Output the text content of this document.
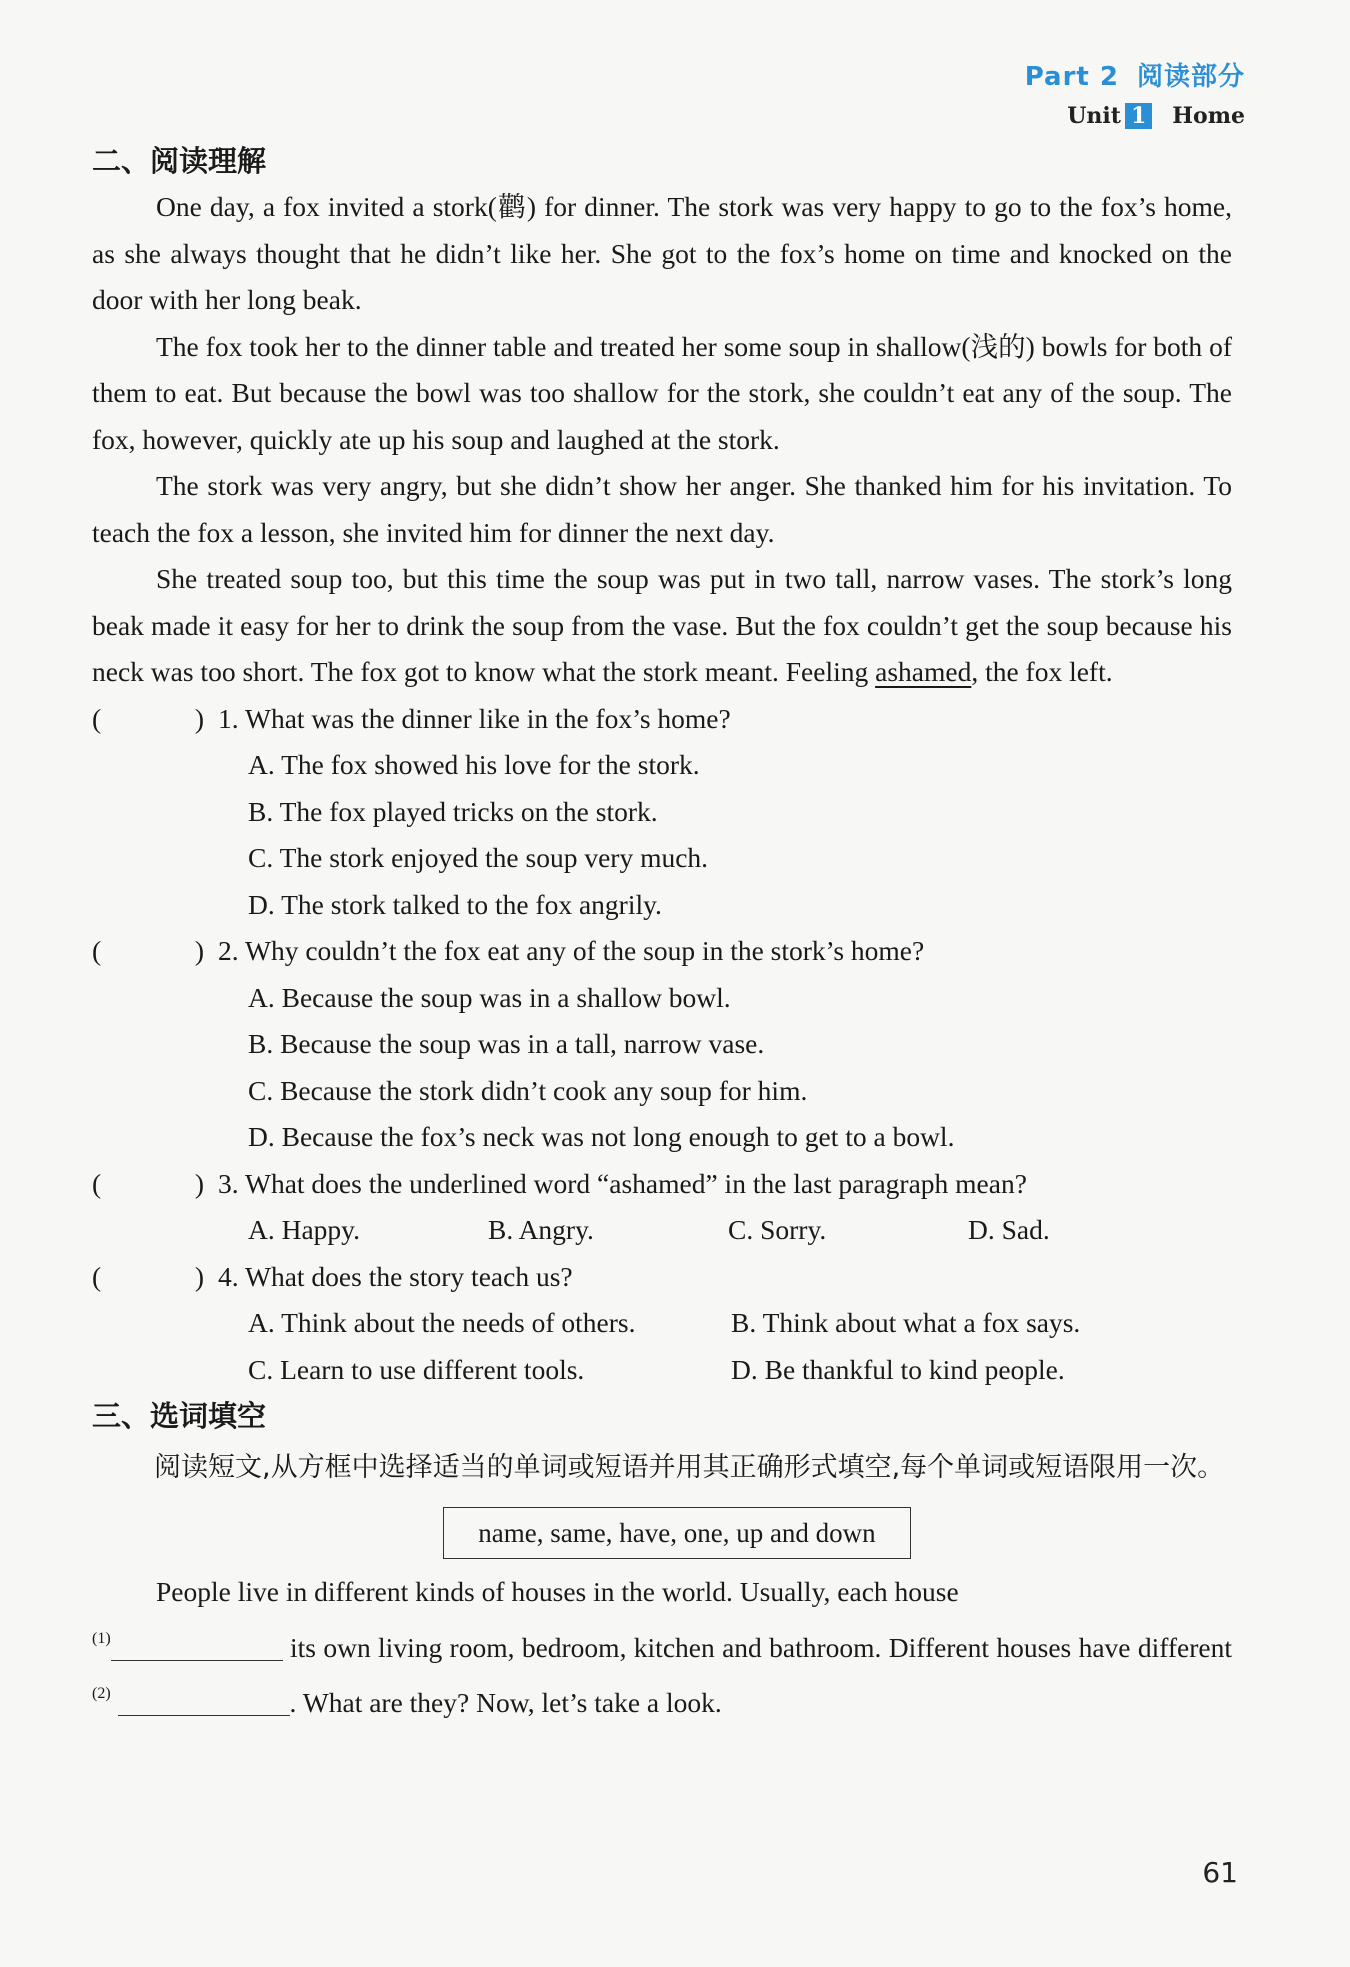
Part 2 阅读部分
Unit 1 Home
二、阅读理解

One day, a fox invited a stork(鹳) for dinner. The stork was very happy to go to the fox’s home, as she always thought that he didn’t like her. She got to the fox’s home on time and knocked on the door with her long beak.

The fox took her to the dinner table and treated her some soup in shallow(浅的) bowls for both of them to eat. But because the bowl was too shallow for the stork, she couldn’t eat any of the soup. The fox, however, quickly ate up his soup and laughed at the stork.

The stork was very angry, but she didn’t show her anger. She thanked him for his invitation. To teach the fox a lesson, she invited him for dinner the next day.

She treated soup too, but this time the soup was put in two tall, narrow vases. The stork’s long beak made it easy for her to drink the soup from the vase. But the fox couldn’t get the soup because his neck was too short. The fox got to know what the stork meant. Feeling ashamed, the fox left.

(	) 1. What was the dinner like in the fox’s home?
A. The fox showed his love for the stork.
B. The fox played tricks on the stork.
C. The stork enjoyed the soup very much.
D. The stork talked to the fox angrily.
(	) 2. Why couldn’t the fox eat any of the soup in the stork’s home?
A. Because the soup was in a shallow bowl.
B. Because the soup was in a tall, narrow vase.
C. Because the stork didn’t cook any soup for him.
D. Because the fox’s neck was not long enough to get to a bowl.
(	) 3. What does the underlined word “ashamed” in the last paragraph mean?
A. Happy.	B. Angry.	C. Sorry.	D. Sad.
(	) 4. What does the story teach us?
A. Think about the needs of others.	B. Think about what a fox says.
C. Learn to use different tools.	D. Be thankful to kind people.
三、选词填空

阅读短文,从方框中选择适当的单词或短语并用其正确形式填空,每个单词或短语限用一次。

name, same, have, one, up and down

People live in different kinds of houses in the world. Usually, each house
$^{(1)}$	its own living room, bedroom, kitchen and bathroom. Different houses have different $^{(2)}$	. What are they? Now, let’s take a look.

61
